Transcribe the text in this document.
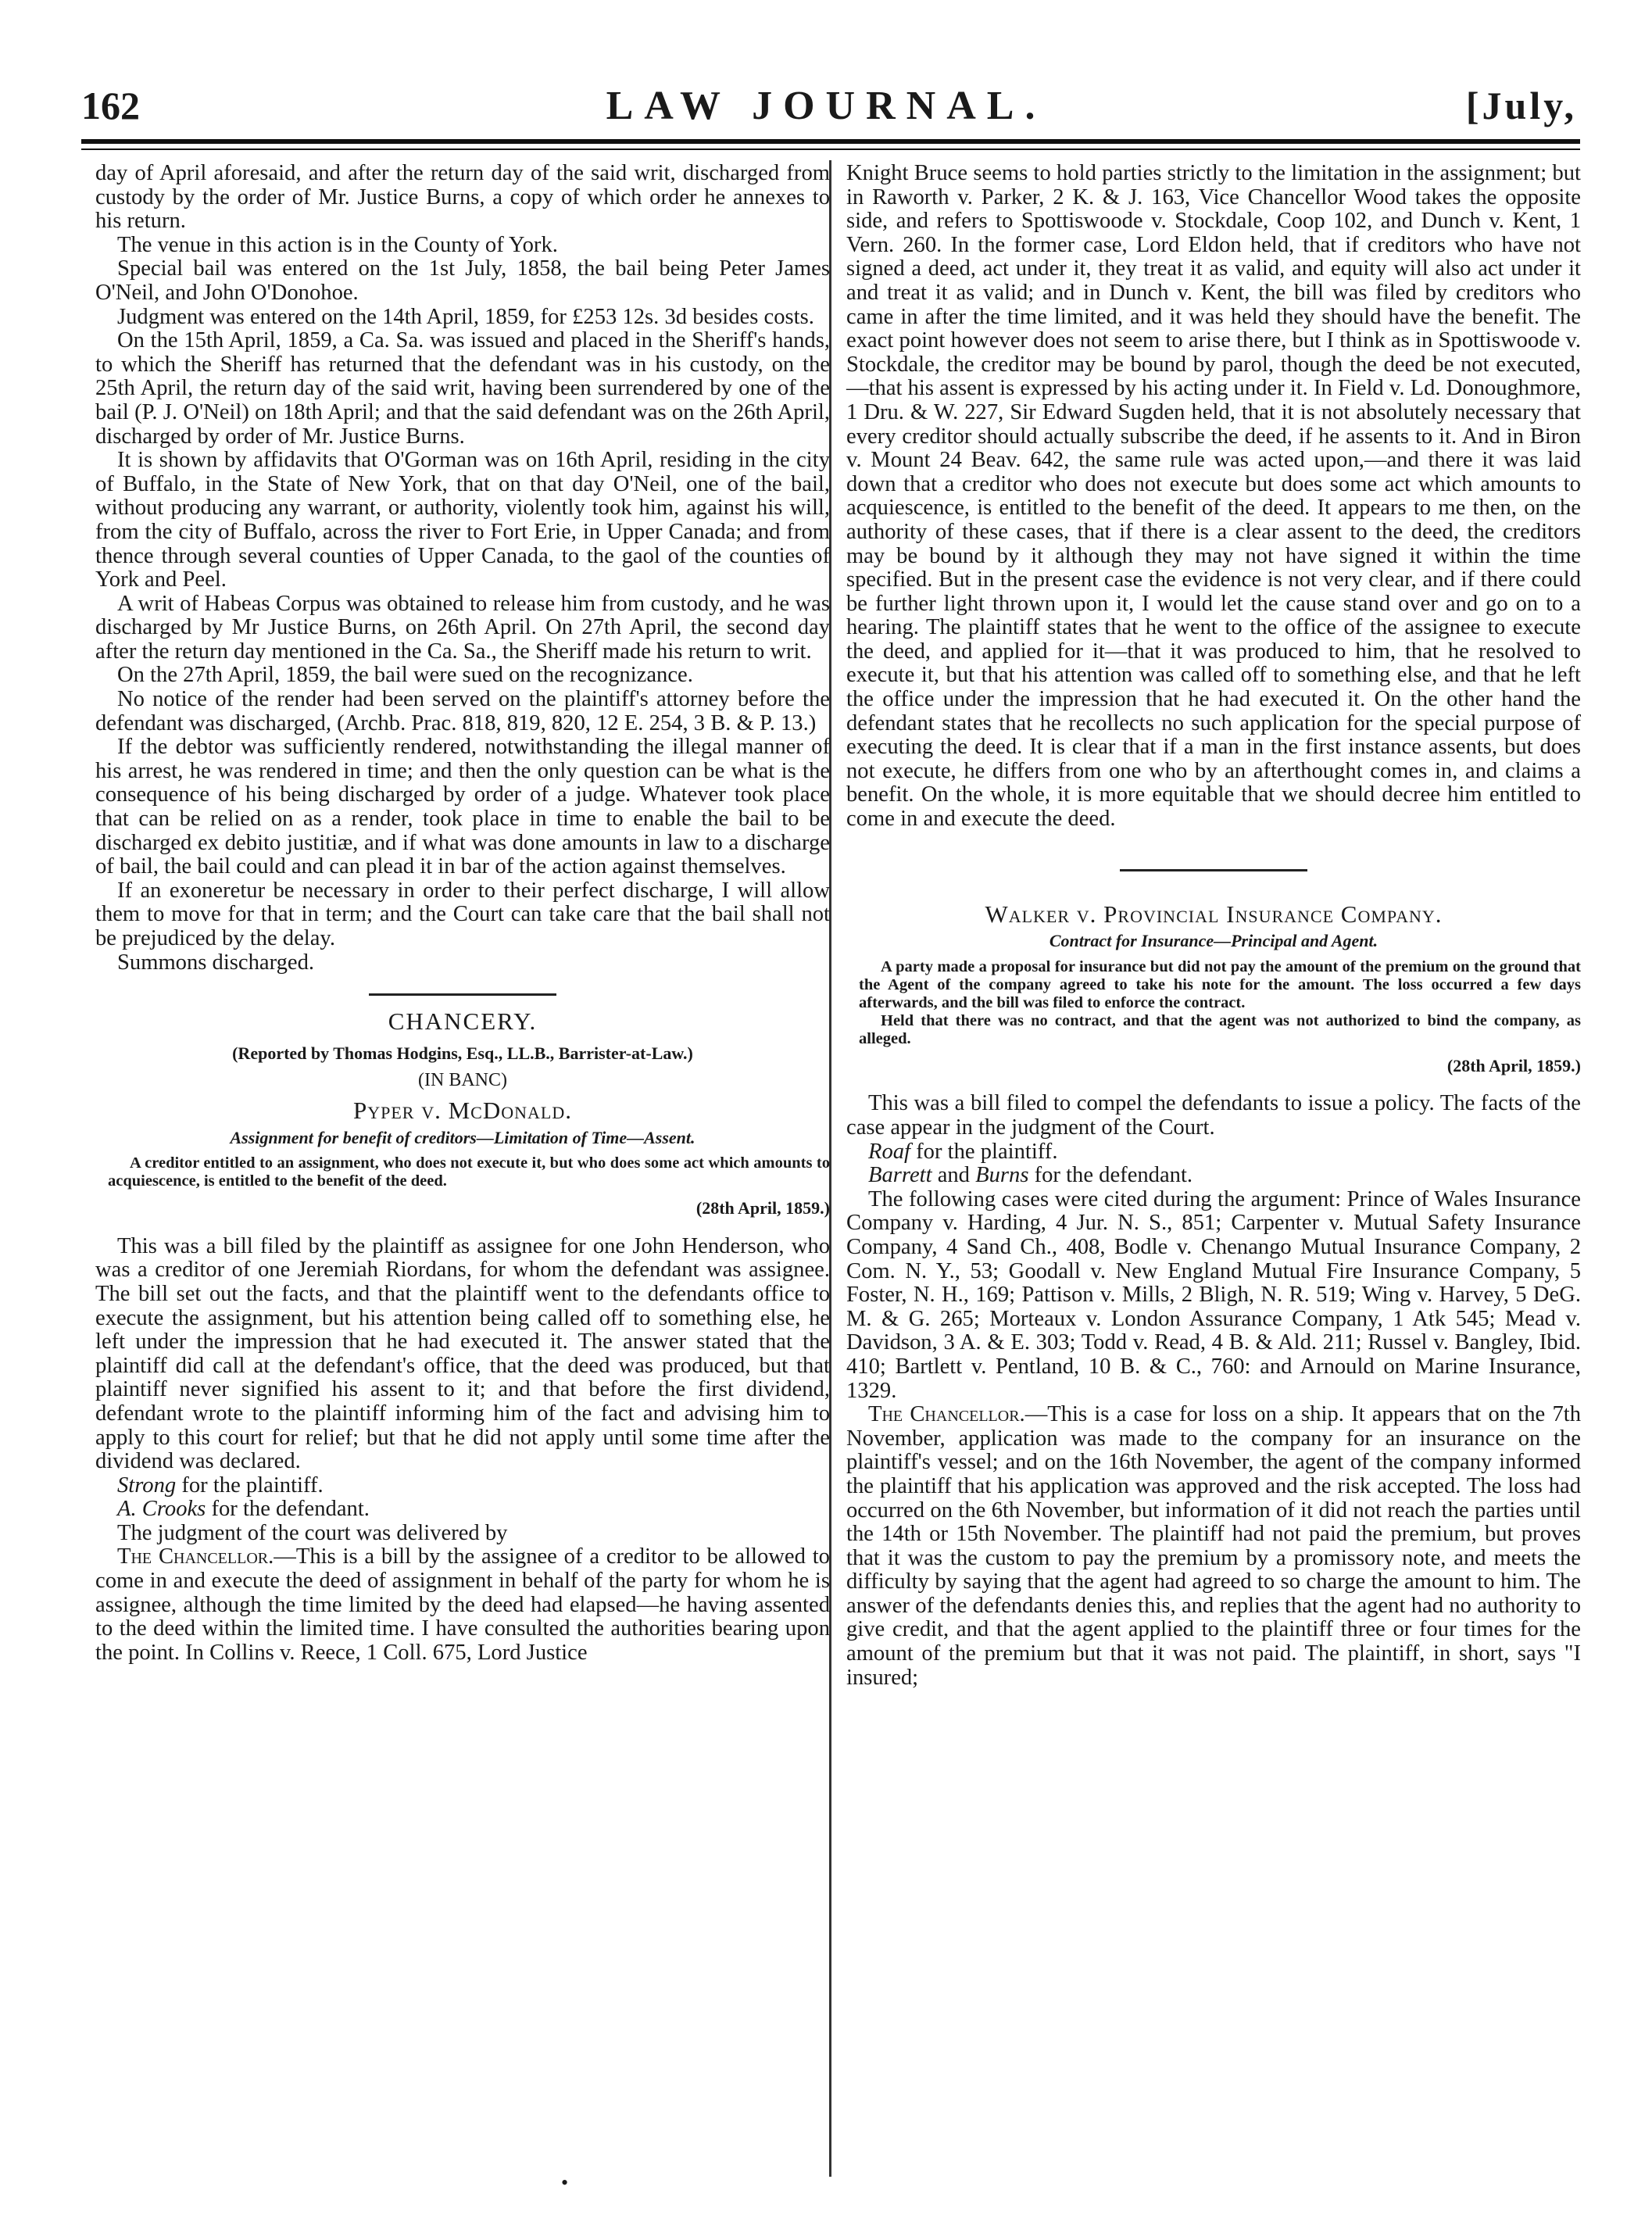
162	LAW JOURNAL.	[July,

day of April aforesaid, and after the return day of the said writ, discharged from custody by the order of Mr. Justice Burns, a copy of which order he annexes to his return.

The venue in this action is in the County of York.

Special bail was entered on the 1st July, 1858, the bail being Peter James O'Neil, and John O'Donohoe.

Judgment was entered on the 14th April, 1859, for £253 12s. 3d besides costs.

On the 15th April, 1859, a Ca. Sa. was issued and placed in the Sheriff's hands, to which the Sheriff has returned that the defendant was in his custody, on the 25th April, the return day of the said writ, having been surrendered by one of the bail (P. J. O'Neil) on 18th April; and that the said defendant was on the 26th April, discharged by order of Mr. Justice Burns.

It is shown by affidavits that O'Gorman was on 16th April, residing in the city of Buffalo, in the State of New York, that on that day O'Neil, one of the bail, without producing any warrant, or authority, violently took him, against his will, from the city of Buffalo, across the river to Fort Erie, in Upper Canada; and from thence through several counties of Upper Canada, to the gaol of the counties of York and Peel.

A writ of Habeas Corpus was obtained to release him from custody, and he was discharged by Mr Justice Burns, on 26th April. On 27th April, the second day after the return day mentioned in the Ca. Sa., the Sheriff made his return to writ.

On the 27th April, 1859, the bail were sued on the recognizance.

No notice of the render had been served on the plaintiff's attorney before the defendant was discharged, (Archb. Prac. 818, 819, 820, 12 E. 254, 3 B. & P. 13.)

If the debtor was sufficiently rendered, notwithstanding the illegal manner of his arrest, he was rendered in time; and then the only question can be what is the consequence of his being discharged by order of a judge. Whatever took place that can be relied on as a render, took place in time to enable the bail to be discharged ex debito justitiæ, and if what was done amounts in law to a discharge of bail, the bail could and can plead it in bar of the action against themselves.

If an exoneretur be necessary in order to their perfect discharge, I will allow them to move for that in term; and the Court can take care that the bail shall not be prejudiced by the delay.

Summons discharged.

CHANCERY.
(Reported by Thomas Hodgins, Esq., LL.B., Barrister-at-Law.)
(IN BANC)
Pyper v. McDonald.
Assignment for benefit of creditors—Limitation of Time—Assent.

A creditor entitled to an assignment, who does not execute it, but who does some act which amounts to acquiescence, is entitled to the benefit of the deed.

(28th April, 1859.)

This was a bill filed by the plaintiff as assignee for one John Henderson, who was a creditor of one Jeremiah Riordans, for whom the defendant was assignee. The bill set out the facts, and that the plaintiff went to the defendants office to execute the assignment, but his attention being called off to something else, he left under the impression that he had executed it. The answer stated that the plaintiff did call at the defendant's office, that the deed was produced, but that plaintiff never signified his assent to it; and that before the first dividend, defendant wrote to the plaintiff informing him of the fact and advising him to apply to this court for relief; but that he did not apply until some time after the dividend was declared.

Strong for the plaintiff.

A. Crooks for the defendant.

The judgment of the court was delivered by

The Chancellor.—This is a bill by the assignee of a creditor to be allowed to come in and execute the deed of assignment in behalf of the party for whom he is assignee, although the time limited by the deed had elapsed—he having assented to the deed within the limited time. I have consulted the authorities bearing upon the point. In Collins v. Reece, 1 Coll. 675, Lord Justice

Knight Bruce seems to hold parties strictly to the limitation in the assignment; but in Raworth v. Parker, 2 K. & J. 163, Vice Chancellor Wood takes the opposite side, and refers to Spottiswoode v. Stockdale, Coop 102, and Dunch v. Kent, 1 Vern. 260. In the former case, Lord Eldon held, that if creditors who have not signed a deed, act under it, they treat it as valid, and equity will also act under it and treat it as valid; and in Dunch v. Kent, the bill was filed by creditors who came in after the time limited, and it was held they should have the benefit. The exact point however does not seem to arise there, but I think as in Spottiswoode v. Stockdale, the creditor may be bound by parol, though the deed be not executed,—that his assent is expressed by his acting under it. In Field v. Ld. Donoughmore, 1 Dru. & W. 227, Sir Edward Sugden held, that it is not absolutely necessary that every creditor should actually subscribe the deed, if he assents to it. And in Biron v. Mount 24 Beav. 642, the same rule was acted upon,—and there it was laid down that a creditor who does not execute but does some act which amounts to acquiescence, is entitled to the benefit of the deed. It appears to me then, on the authority of these cases, that if there is a clear assent to the deed, the creditors may be bound by it although they may not have signed it within the time specified. But in the present case the evidence is not very clear, and if there could be further light thrown upon it, I would let the cause stand over and go on to a hearing. The plaintiff states that he went to the office of the assignee to execute the deed, and applied for it—that it was produced to him, that he resolved to execute it, but that his attention was called off to something else, and that he left the office under the impression that he had executed it. On the other hand the defendant states that he recollects no such application for the special purpose of executing the deed. It is clear that if a man in the first instance assents, but does not execute, he differs from one who by an afterthought comes in, and claims a benefit. On the whole, it is more equitable that we should decree him entitled to come in and execute the deed.

Walker v. Provincial Insurance Company.
Contract for Insurance—Principal and Agent.

A party made a proposal for insurance but did not pay the amount of the premium on the ground that the Agent of the company agreed to take his note for the amount. The loss occurred a few days afterwards, and the bill was filed to enforce the contract.

Held that there was no contract, and that the agent was not authorized to bind the company, as alleged.

(28th April, 1859.)

This was a bill filed to compel the defendants to issue a policy. The facts of the case appear in the judgment of the Court.

Roaf for the plaintiff.

Barrett and Burns for the defendant.

The following cases were cited during the argument: Prince of Wales Insurance Company v. Harding, 4 Jur. N. S., 851; Carpenter v. Mutual Safety Insurance Company, 4 Sand Ch., 408, Bodle v. Chenango Mutual Insurance Company, 2 Com. N. Y., 53; Goodall v. New England Mutual Fire Insurance Company, 5 Foster, N. H., 169; Pattison v. Mills, 2 Bligh, N. R. 519; Wing v. Harvey, 5 DeG. M. & G. 265; Morteaux v. London Assurance Company, 1 Atk 545; Mead v. Davidson, 3 A. & E. 303; Todd v. Read, 4 B. & Ald. 211; Russel v. Bangley, Ibid. 410; Bartlett v. Pentland, 10 B. & C., 760: and Arnould on Marine Insurance, 1329.

The Chancellor.—This is a case for loss on a ship. It appears that on the 7th November, application was made to the company for an insurance on the plaintiff's vessel; and on the 16th November, the agent of the company informed the plaintiff that his application was approved and the risk accepted. The loss had occurred on the 6th November, but information of it did not reach the parties until the 14th or 15th November. The plaintiff had not paid the premium, but proves that it was the custom to pay the premium by a promissory note, and meets the difficulty by saying that the agent had agreed to so charge the amount to him. The answer of the defendants denies this, and replies that the agent had no authority to give credit, and that the agent applied to the plaintiff three or four times for the amount of the premium but that it was not paid. The plaintiff, in short, says "I insured;

•
